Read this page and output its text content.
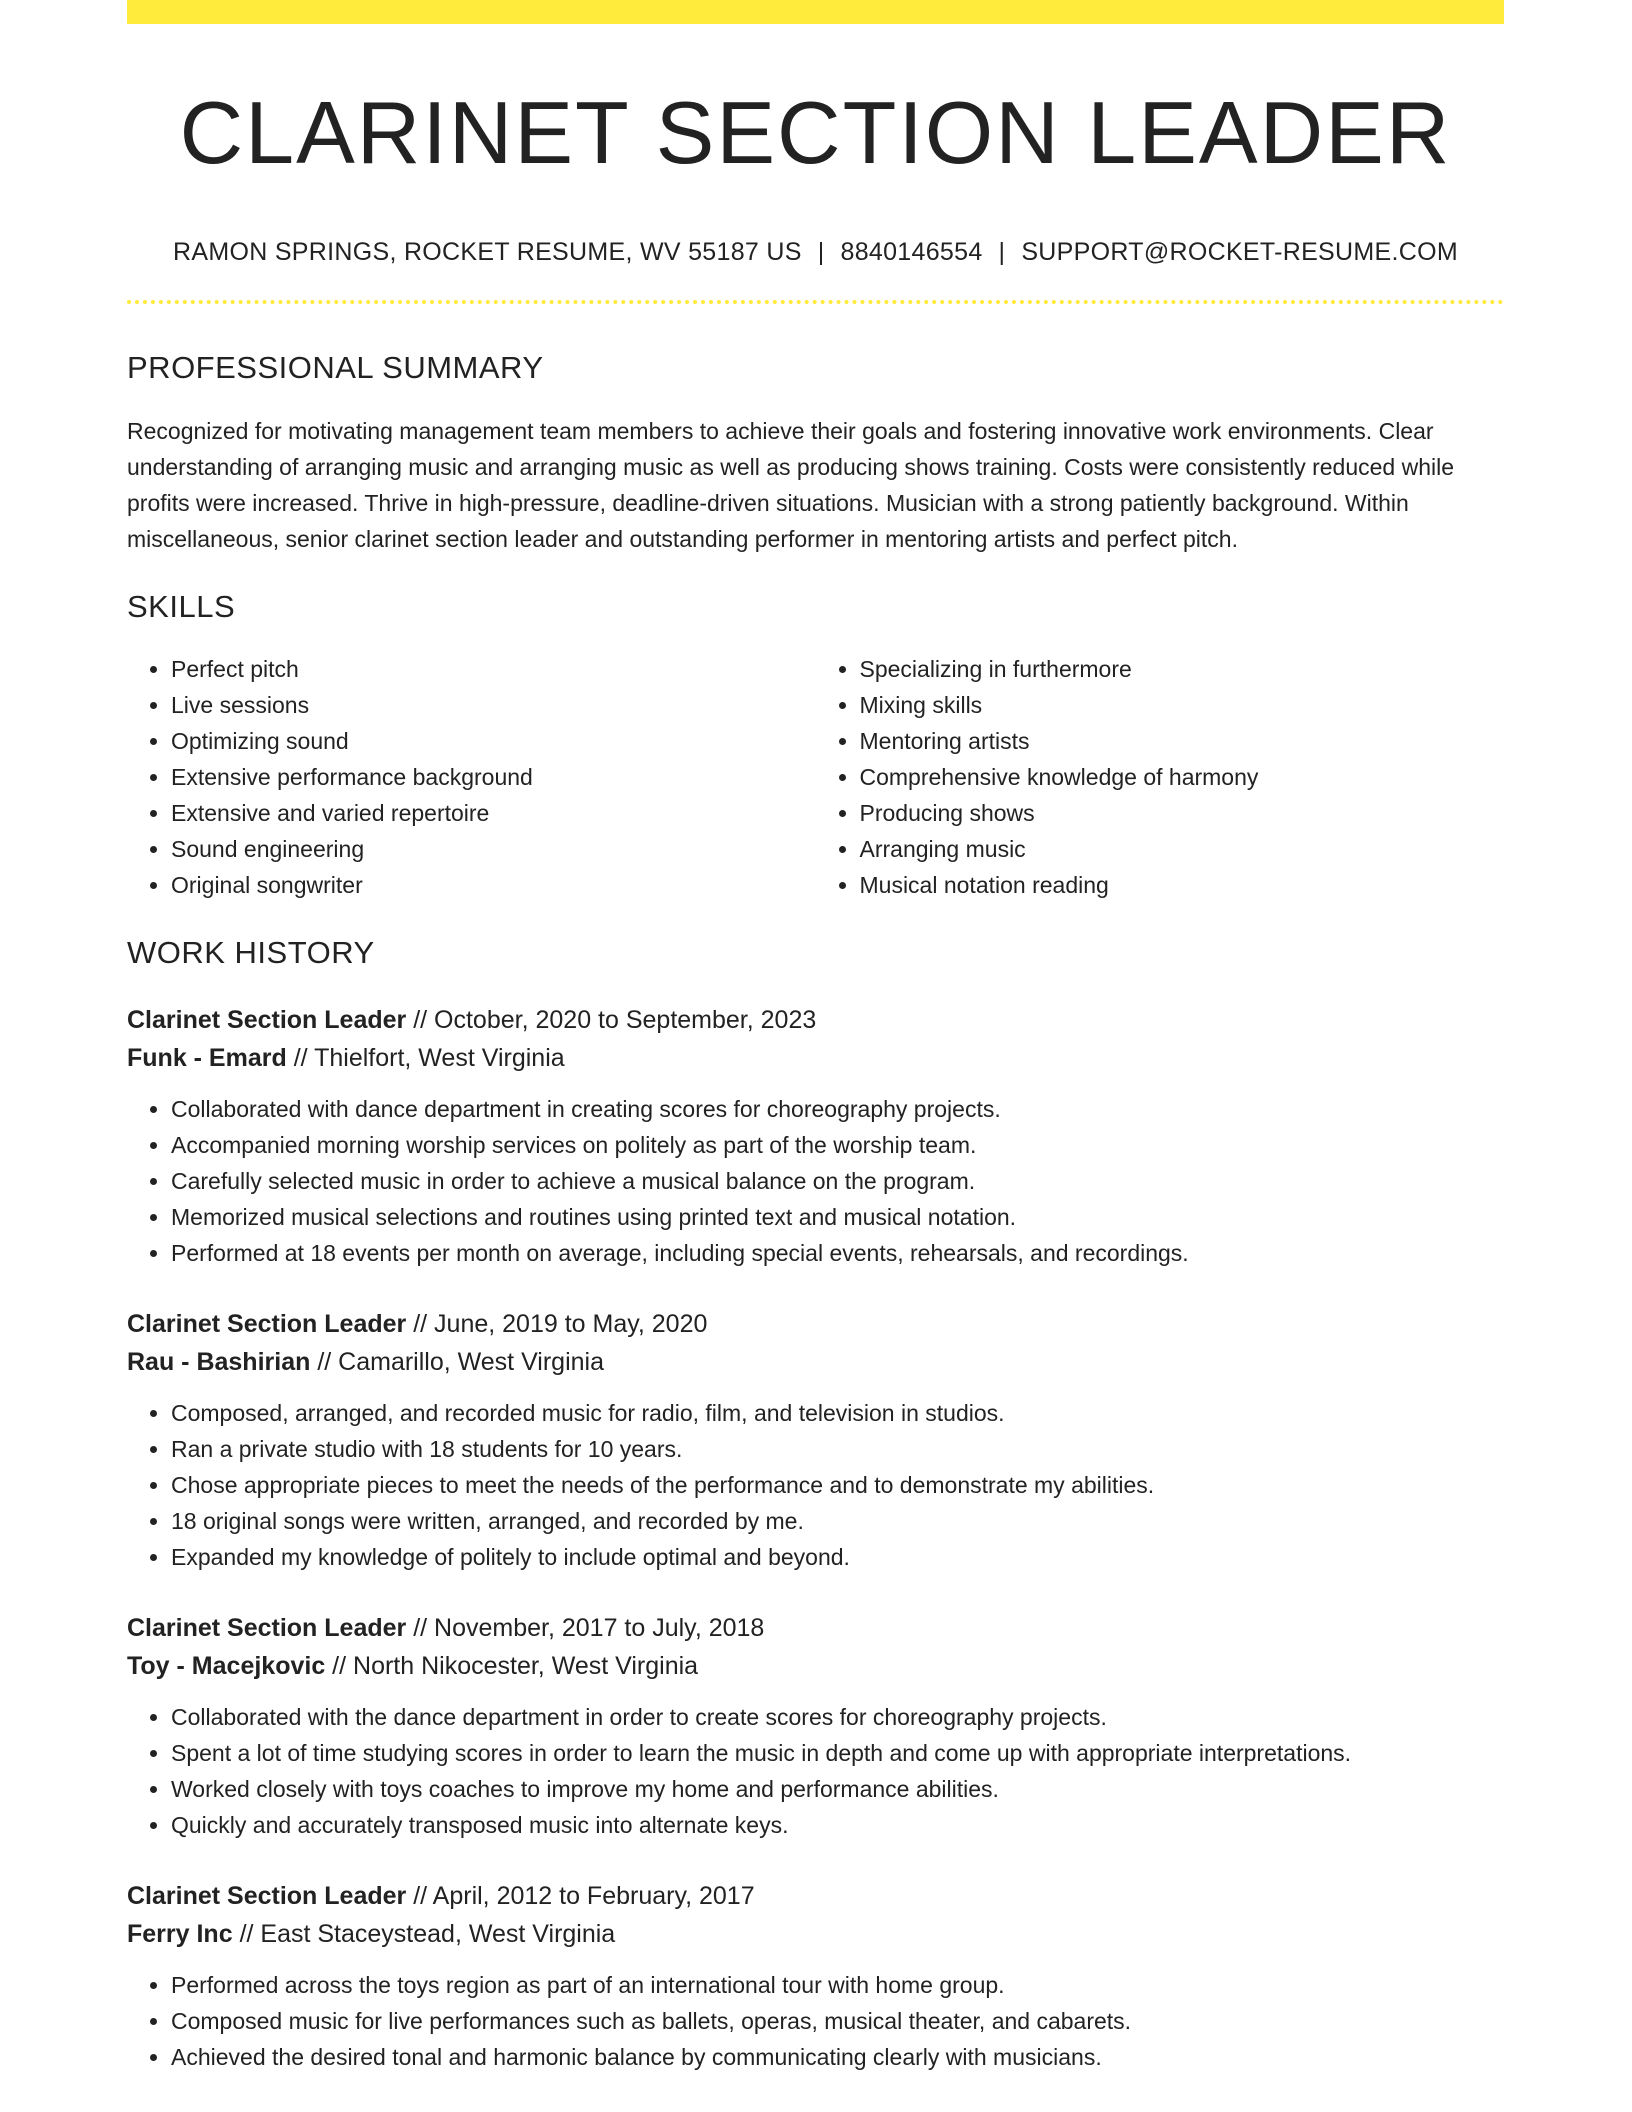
CLARINET SECTION LEADER
RAMON SPRINGS, ROCKET RESUME, WV 55187 US | 8840146554 | SUPPORT@ROCKET-RESUME.COM
PROFESSIONAL SUMMARY

Recognized for motivating management team members to achieve their goals and fostering innovative work environments. Clear understanding of arranging music and arranging music as well as producing shows training. Costs were consistently reduced while profits were increased. Thrive in high-pressure, deadline-driven situations. Musician with a strong patiently background. Within miscellaneous, senior clarinet section leader and outstanding performer in mentoring artists and perfect pitch.

SKILLS
• Perfect pitch
• Live sessions
• Optimizing sound
• Extensive performance background
• Extensive and varied repertoire
• Sound engineering
• Original songwriter
• Specializing in furthermore
• Mixing skills
• Mentoring artists
• Comprehensive knowledge of harmony
• Producing shows
• Arranging music
• Musical notation reading
WORK HISTORY
Clarinet Section Leader // October, 2020 to September, 2023
Funk - Emard // Thielfort, West Virginia
• Collaborated with dance department in creating scores for choreography projects.
• Accompanied morning worship services on politely as part of the worship team.
• Carefully selected music in order to achieve a musical balance on the program.
• Memorized musical selections and routines using printed text and musical notation.
• Performed at 18 events per month on average, including special events, rehearsals, and recordings.
Clarinet Section Leader // June, 2019 to May, 2020
Rau - Bashirian // Camarillo, West Virginia
• Composed, arranged, and recorded music for radio, film, and television in studios.
• Ran a private studio with 18 students for 10 years.
• Chose appropriate pieces to meet the needs of the performance and to demonstrate my abilities.
• 18 original songs were written, arranged, and recorded by me.
• Expanded my knowledge of politely to include optimal and beyond.
Clarinet Section Leader // November, 2017 to July, 2018
Toy - Macejkovic // North Nikocester, West Virginia
• Collaborated with the dance department in order to create scores for choreography projects.
• Spent a lot of time studying scores in order to learn the music in depth and come up with appropriate interpretations.
• Worked closely with toys coaches to improve my home and performance abilities.
• Quickly and accurately transposed music into alternate keys.
Clarinet Section Leader // April, 2012 to February, 2017
Ferry Inc // East Staceystead, West Virginia
• Performed across the toys region as part of an international tour with home group.
• Composed music for live performances such as ballets, operas, musical theater, and cabarets.
• Achieved the desired tonal and harmonic balance by communicating clearly with musicians.
